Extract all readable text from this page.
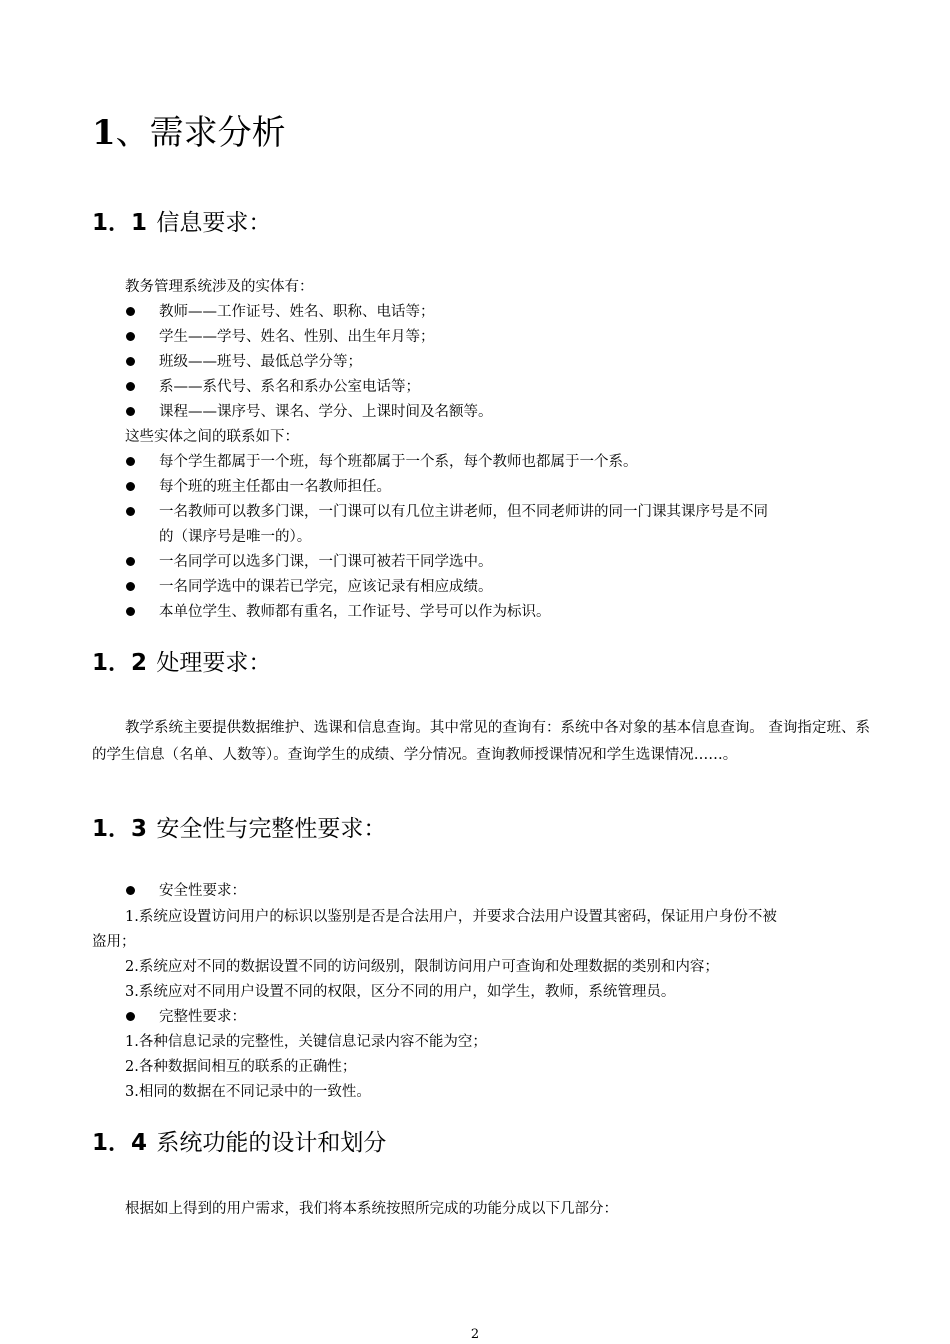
1、需求分析
1．1 信息要求：
教务管理系统涉及的实体有：
教师——工作证号、姓名、职称、电话等；
学生——学号、姓名、性别、出生年月等；
班级——班号、最低总学分等；
系——系代号、系名和系办公室电话等；
课程——课序号、课名、学分、上课时间及名额等。
这些实体之间的联系如下：
每个学生都属于一个班，每个班都属于一个系，每个教师也都属于一个系。
每个班的班主任都由一名教师担任。
一名教师可以教多门课，一门课可以有几位主讲老师，但不同老师讲的同一门课其课序号是不同
的（课序号是唯一的）。
一名同学可以选多门课，一门课可被若干同学选中。
一名同学选中的课若已学完，应该记录有相应成绩。
本单位学生、教师都有重名，工作证号、学号可以作为标识。
1．2 处理要求：
教学系统主要提供数据维护、选课和信息查询。其中常见的查询有：系统中各对象的基本信息查询。 查询指定班、系的学生信息（名单、人数等）。查询学生的成绩、学分情况。查询教师授课情况和学生选课情况……。
1．3 安全性与完整性要求：
安全性要求：
1.系统应设置访问用户的标识以鉴别是否是合法用户，并要求合法用户设置其密码，保证用户身份不被
盗用；
2.系统应对不同的数据设置不同的访问级别，限制访问用户可查询和处理数据的类别和内容；
3.系统应对不同用户设置不同的权限，区分不同的用户，如学生，教师，系统管理员。
完整性要求：
1.各种信息记录的完整性，关键信息记录内容不能为空；
2.各种数据间相互的联系的正确性；
3.相同的数据在不同记录中的一致性。
1．4 系统功能的设计和划分
根据如上得到的用户需求，我们将本系统按照所完成的功能分成以下几部分：
2
